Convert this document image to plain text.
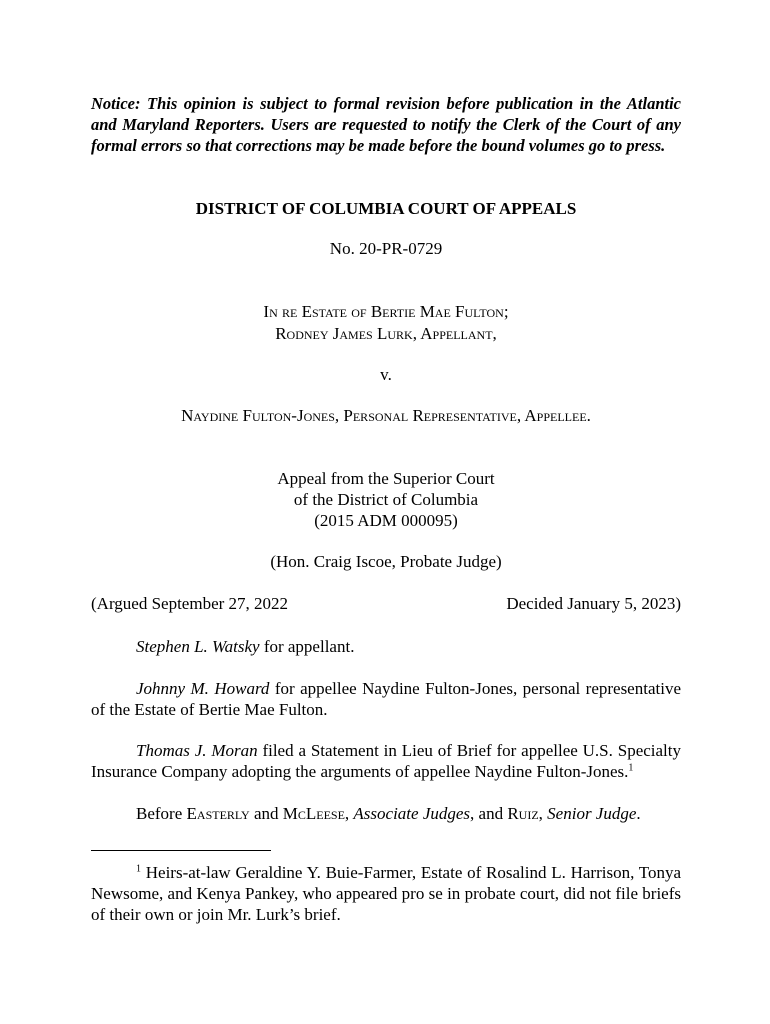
Notice: This opinion is subject to formal revision before publication in the Atlantic and Maryland Reporters. Users are requested to notify the Clerk of the Court of any formal errors so that corrections may be made before the bound volumes go to press.
DISTRICT OF COLUMBIA COURT OF APPEALS
No. 20-PR-0729
In re Estate of Bertie Mae Fulton;
Rodney James Lurk, Appellant,
v.
Naydine Fulton-Jones, Personal Representative, Appellee.
Appeal from the Superior Court
of the District of Columbia
(2015 ADM 000095)
(Hon. Craig Iscoe, Probate Judge)
(Argued September 27, 2022	Decided January 5, 2023)
Stephen L. Watsky for appellant.
Johnny M. Howard for appellee Naydine Fulton-Jones, personal representative of the Estate of Bertie Mae Fulton.
Thomas J. Moran filed a Statement in Lieu of Brief for appellee U.S. Specialty Insurance Company adopting the arguments of appellee Naydine Fulton-Jones.$^1$
Before Easterly and McLeese, Associate Judges, and Ruiz, Senior Judge.
$^1$ Heirs-at-law Geraldine Y. Buie-Farmer, Estate of Rosalind L. Harrison, Tonya Newsome, and Kenya Pankey, who appeared pro se in probate court, did not file briefs of their own or join Mr. Lurk’s brief.
